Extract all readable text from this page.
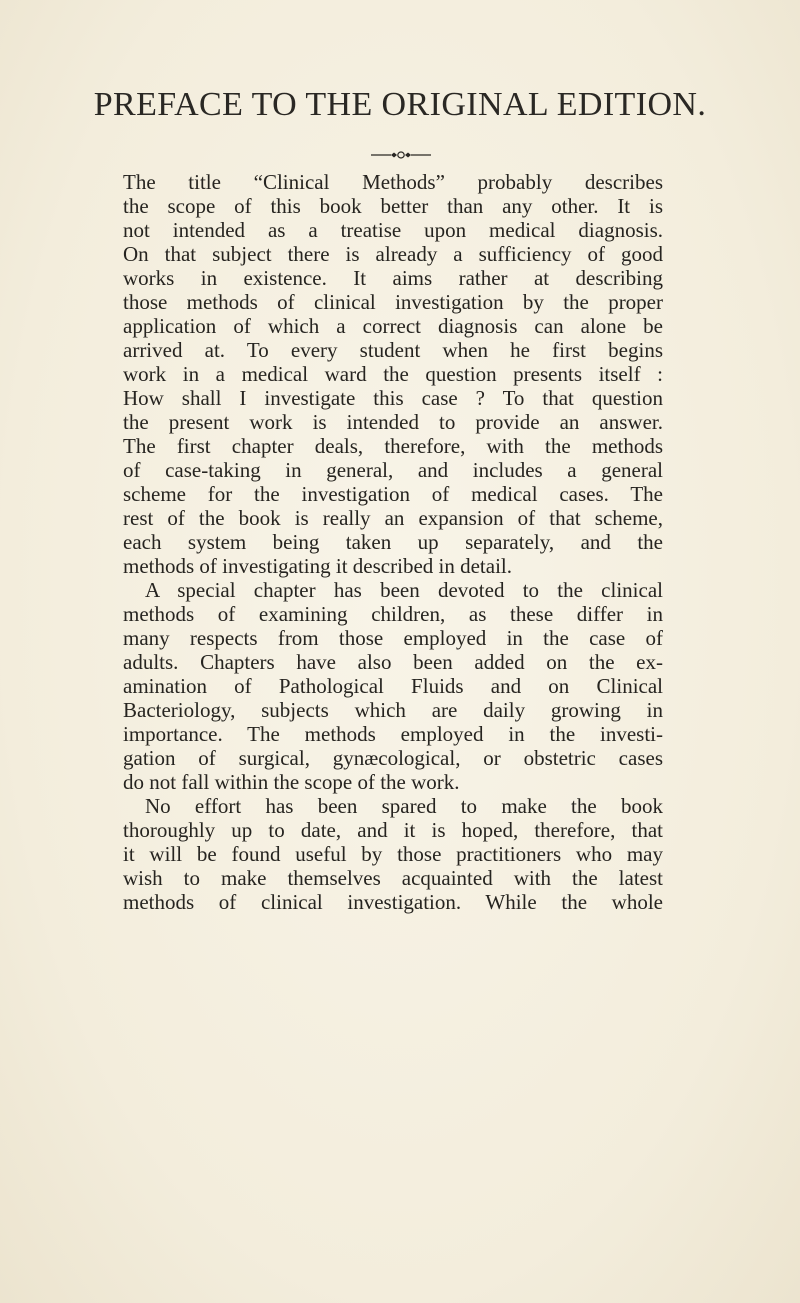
PREFACE TO THE ORIGINAL EDITION.
The title “Clinical Methods” probably describes
the scope of this book better than any other. It is
not intended as a treatise upon medical diagnosis.
On that subject there is already a sufficiency of good
works in existence. It aims rather at describing
those methods of clinical investigation by the proper
application of which a correct diagnosis can alone be
arrived at. To every student when he first begins
work in a medical ward the question presents itself :
How shall I investigate this case ? To that question
the present work is intended to provide an answer.
The first chapter deals, therefore, with the methods
of case-taking in general, and includes a general
scheme for the investigation of medical cases. The
rest of the book is really an expansion of that scheme,
each system being taken up separately, and the
methods of investigating it described in detail.
A special chapter has been devoted to the clinical
methods of examining children, as these differ in
many respects from those employed in the case of
adults. Chapters have also been added on the ex-
amination of Pathological Fluids and on Clinical
Bacteriology, subjects which are daily growing in
importance. The methods employed in the investi-
gation of surgical, gynæcological, or obstetric cases
do not fall within the scope of the work.
No effort has been spared to make the book
thoroughly up to date, and it is hoped, therefore, that
it will be found useful by those practitioners who may
wish to make themselves acquainted with the latest
methods of clinical investigation. While the whole
